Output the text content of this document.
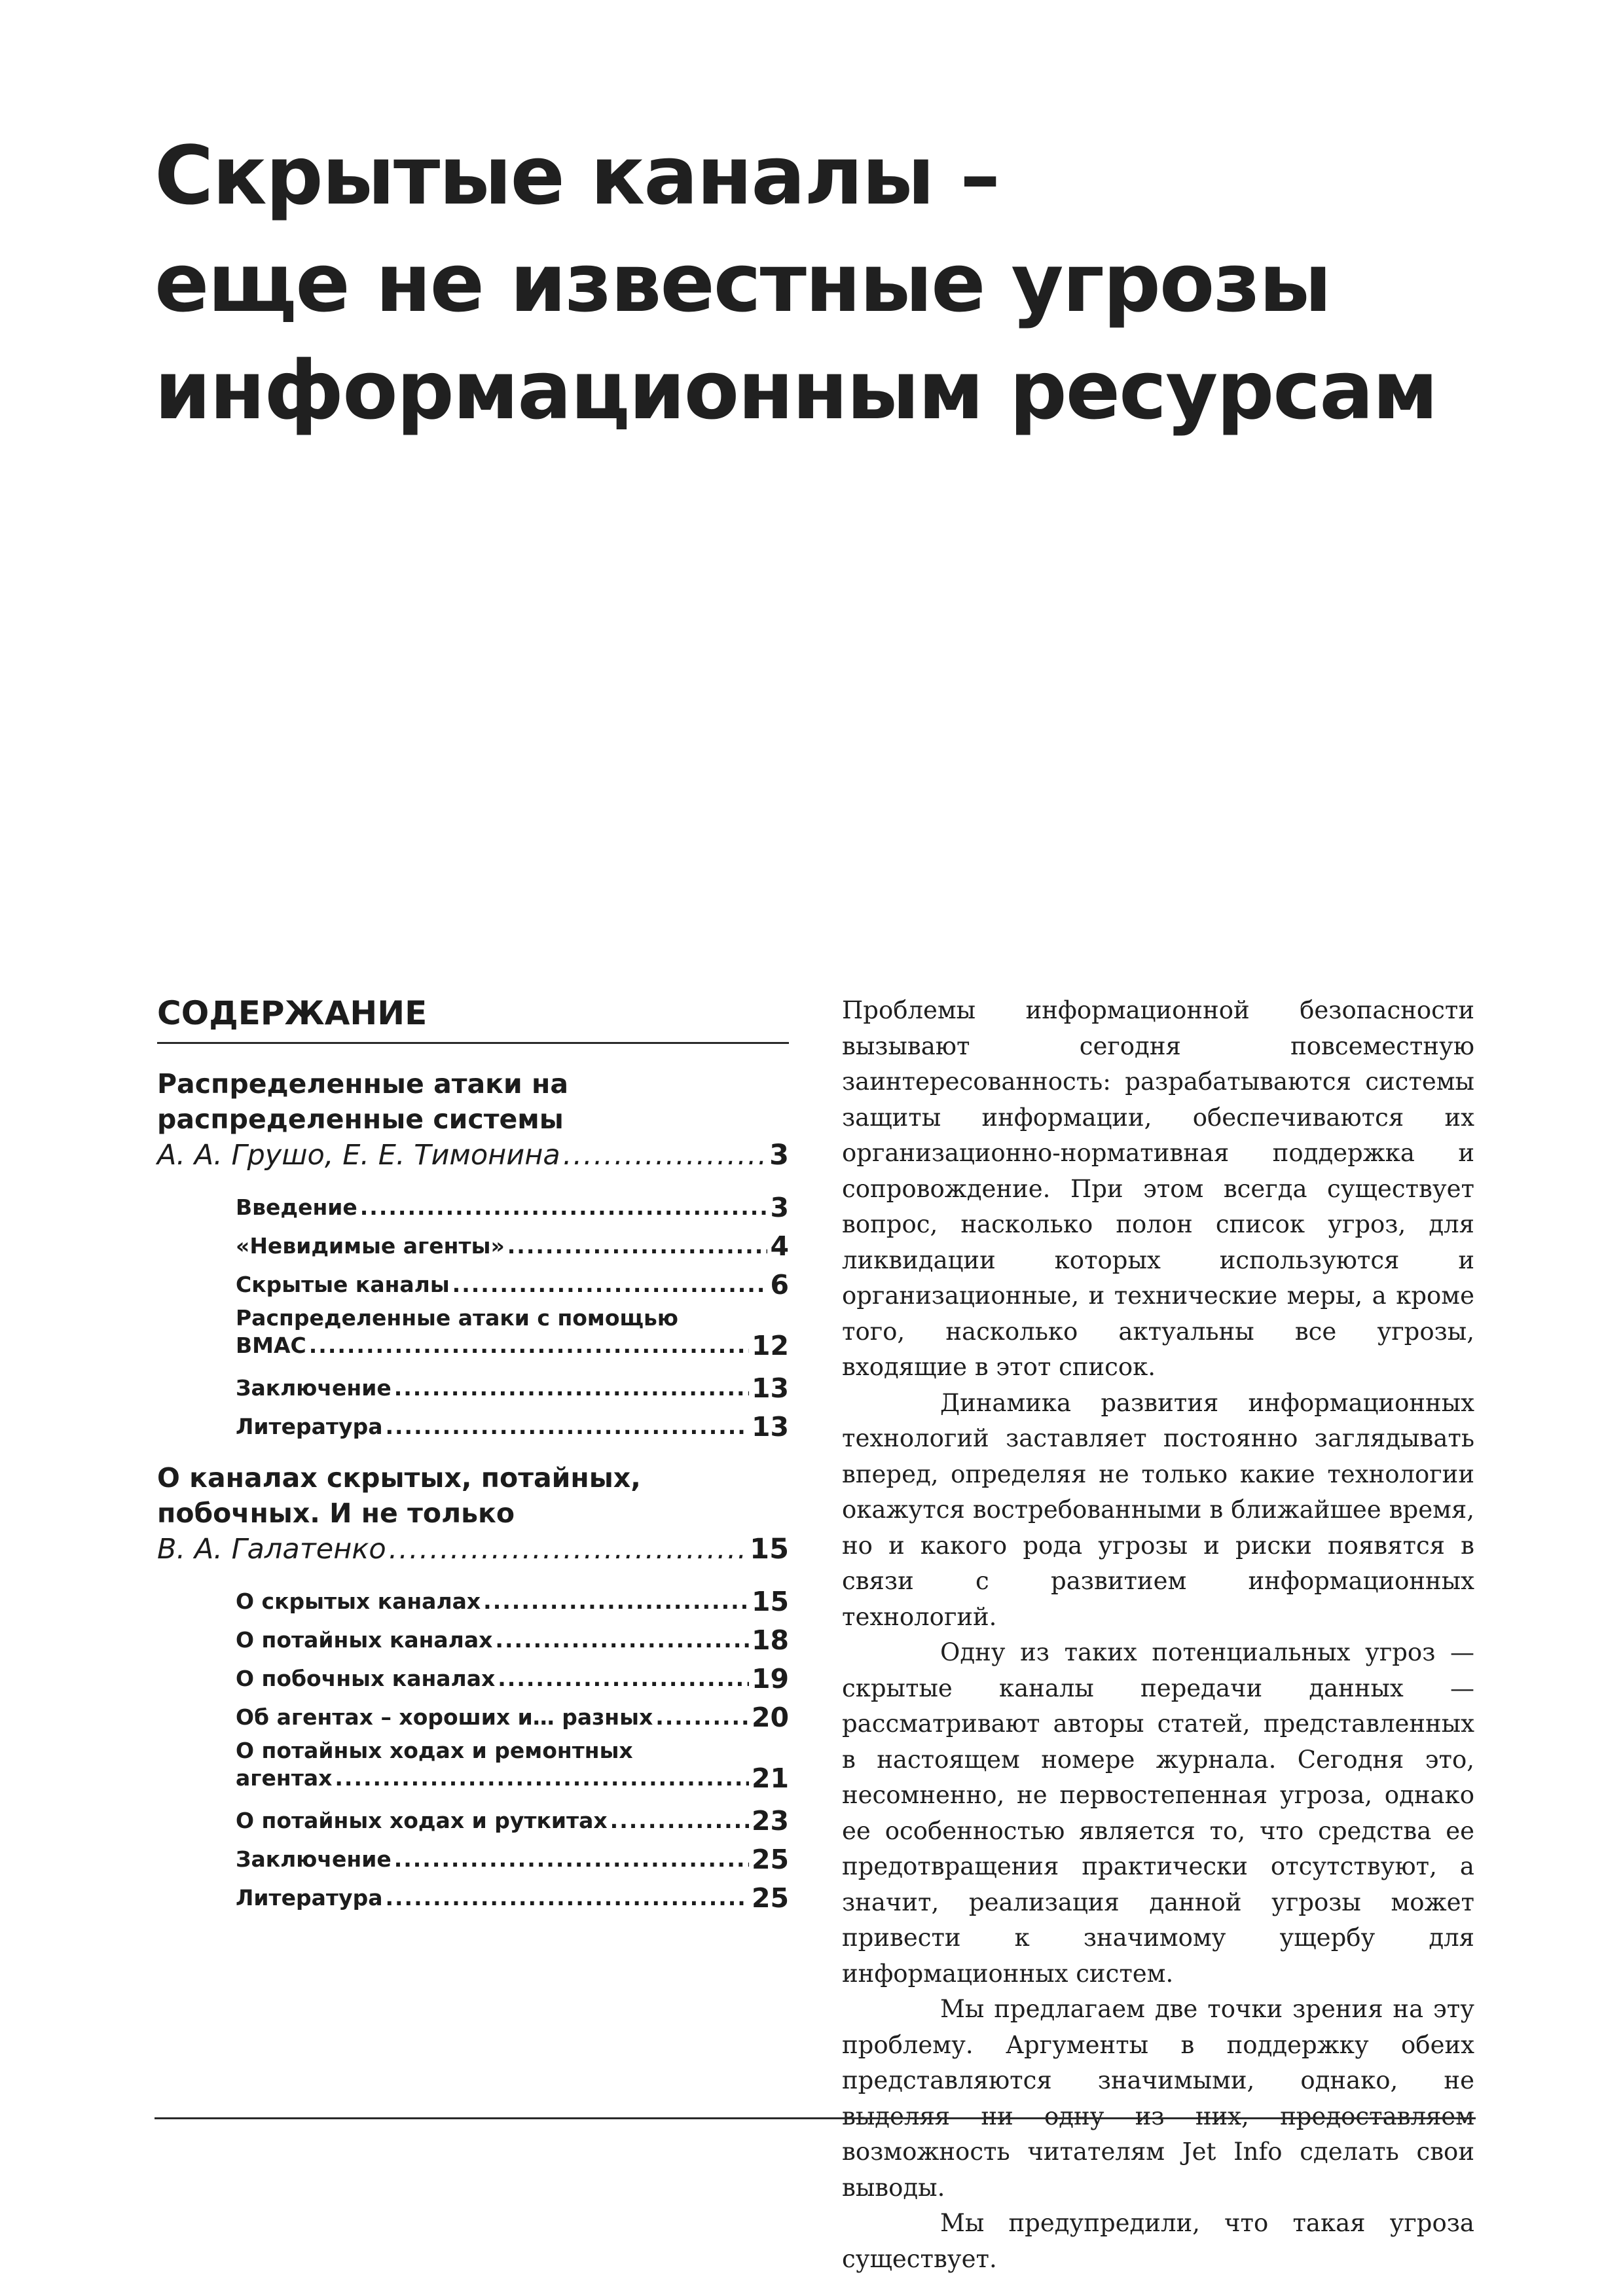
Скрытые каналы –
еще не известные угрозы
информационным ресурсам
СОДЕРЖАНИЕ
Распределенные атаки на
распределенные системы
А. А. Грушо, Е. Е. Тимонина .....	3
Введение .....	3
«Невидимые агенты» .....	4
Скрытые каналы .....	6
Распределенные атаки с помощью
BMAC .....	12
Заключение .....	13
Литература .....	13
О каналах скрытых, потайных,
побочных. И не только
В. А. Галатенко .....	15
О скрытых каналах .....	15
О потайных каналах .....	18
О побочных каналах .....	19
Об агентах – хороших и… разных .....	20
О потайных ходах и ремонтных
агентах .....	21
О потайных ходах и руткитах .....	23
Заключение .....	25
Литература .....	25

Проблемы информационной безопасности вызывают сегодня повсеместную заинтересованность: разрабатываются системы защиты информации, обеспечиваются их организационно-нормативная поддержка и сопровождение. При этом всегда существует вопрос, насколько полон список угроз, для ликвидации которых используются и организационные, и технические меры, а кроме того, насколько актуальны все угрозы, входящие в этот список.

Динамика развития информационных технологий заставляет постоянно заглядывать вперед, определяя не только какие технологии окажутся востребованными в ближайшее время, но и какого рода угрозы и риски появятся в связи с развитием информационных технологий.

Одну из таких потенциальных угроз — скрытые каналы передачи данных — рассматривают авторы статей, представленных в настоящем номере журнала. Сегодня это, несомненно, не первостепенная угроза, однако ее особенностью является то, что средства ее предотвращения практически отсутствуют, а значит, реализация данной угрозы может привести к значимому ущербу для информационных систем.

Мы предлагаем две точки зрения на эту проблему. Аргументы в поддержку обеих представляются значимыми, однако, не выделяя ни одну из них, предоставляем возможность читателям Jet Info сделать свои выводы.

Мы предупредили, что такая угроза существует.
